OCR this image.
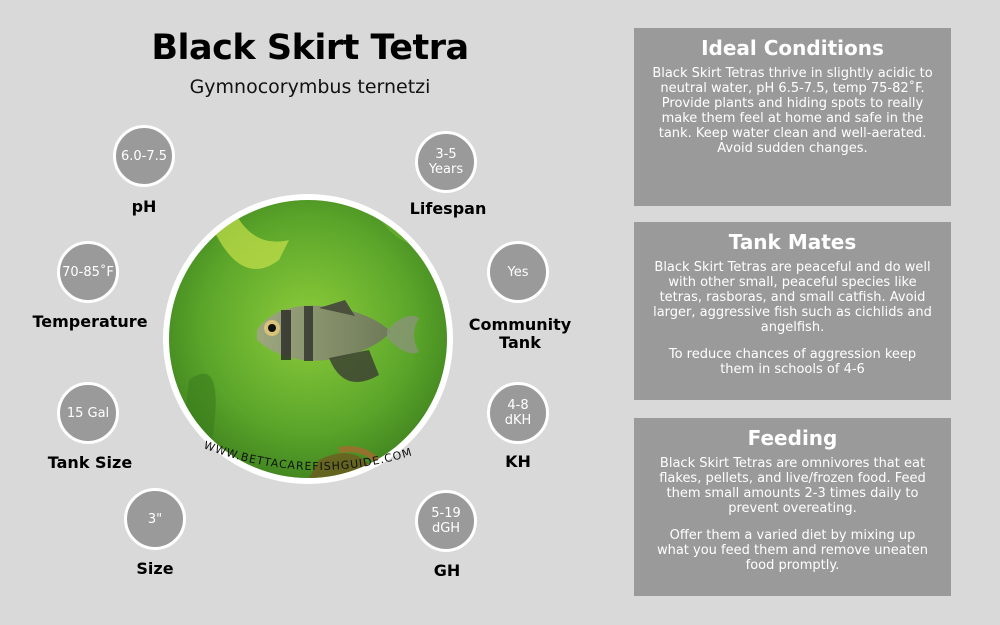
Black Skirt Tetra
Gymnocorymbus ternetzi
6.0-7.5
pH
70-85˚F
Temperature
15 Gal
Tank Size
3"
Size
3-5
Years
Lifespan
Yes
Community
Tank
4-8
dKH
KH
5-19
dGH
GH
WWW.BETTACAREFISHGUIDE.COM
Ideal Conditions

Black Skirt Tetras thrive in slightly acidic to neutral water, pH 6.5-7.5, temp 75-82˚F. Provide plants and hiding spots to really make them feel at home and safe in the tank. Keep water clean and well-aerated. Avoid sudden changes.

Tank Mates

Black Skirt Tetras are peaceful and do well with other small, peaceful species like tetras, rasboras, and small catfish. Avoid larger, aggressive fish such as cichlids and angelfish.

To reduce chances of aggression keep them in schools of 4-6

Feeding

Black Skirt Tetras are omnivores that eat flakes, pellets, and live/frozen food. Feed them small amounts 2-3 times daily to prevent overeating.

Offer them a varied diet by mixing up what you feed them and remove uneaten food promptly.
